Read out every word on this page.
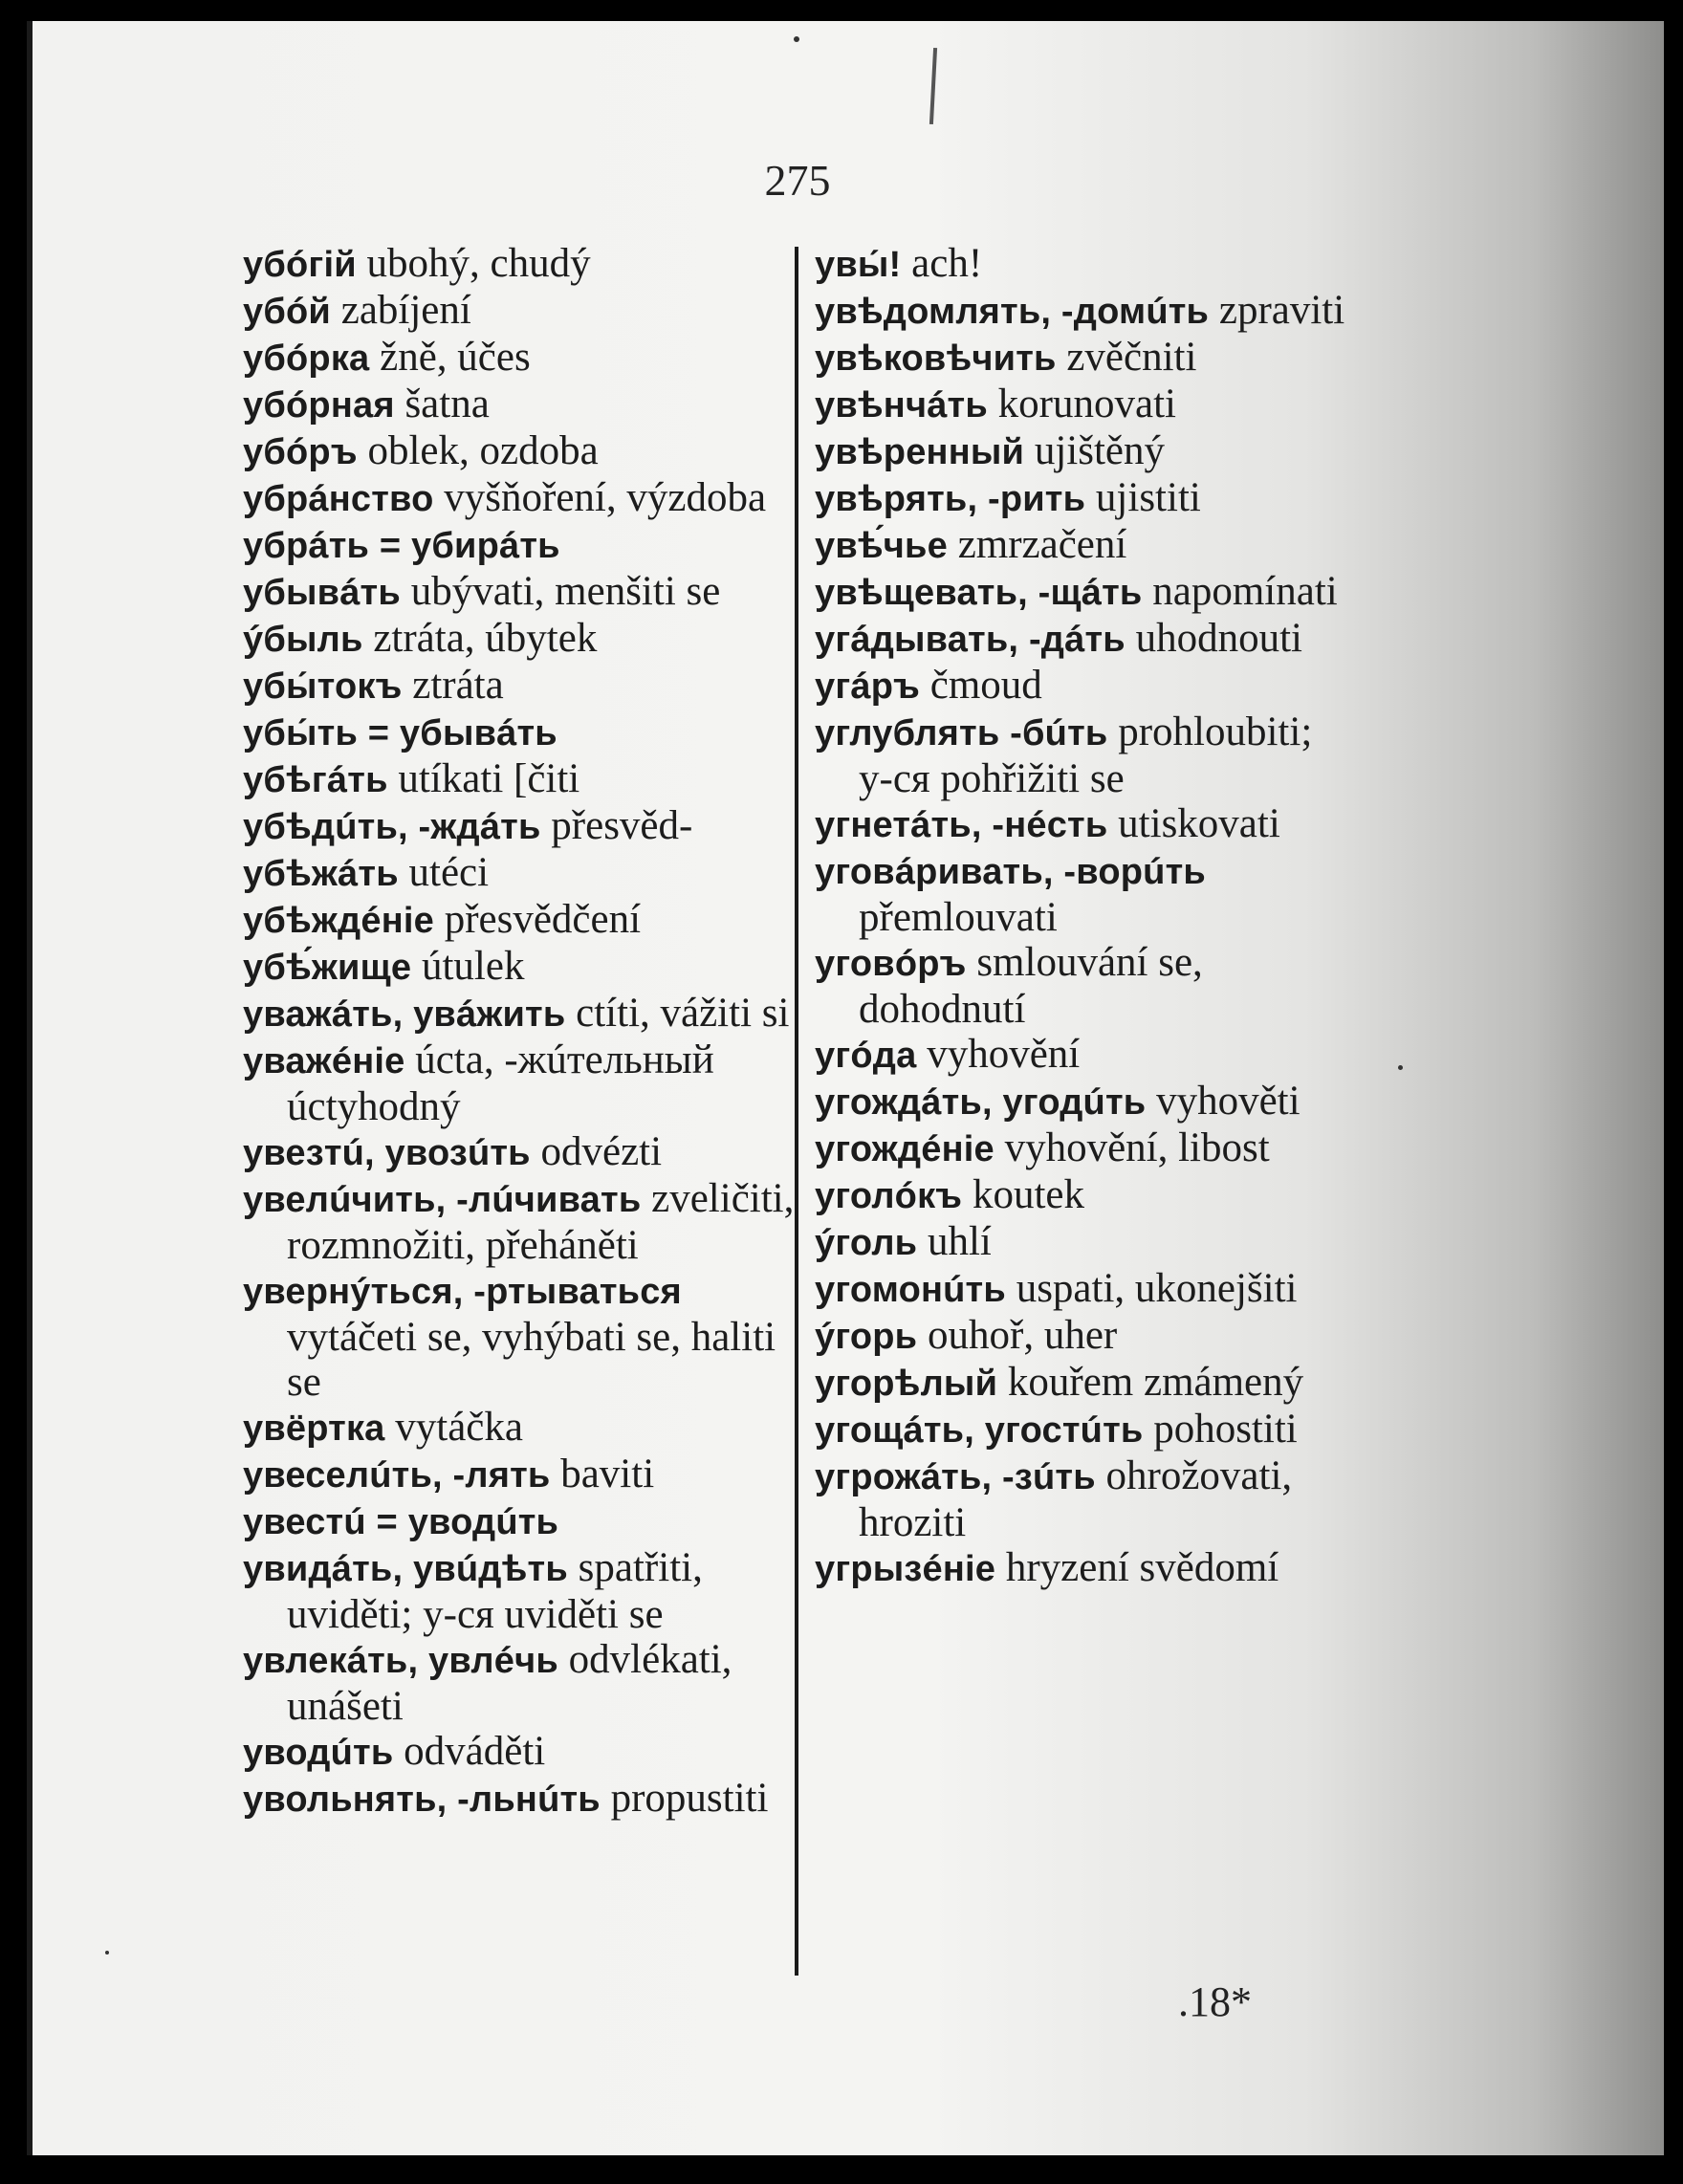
275

убóгiй ubohý, chudý

убóй zabíjení

убóрка žně, účes

убóрная šatna

убóръ oblek, ozdoba

убрáнство vyšňoření, výzdoba

убрáть = убирáть

убывáть ubývati, menšiti se

ýбыль ztráta, úbytek

убы́токъ ztráta

убы́ть = убывáть

убѣгáть utíkati [čiti

убѣдúть, -ждáть přesvěd-

убѣжáть utéci

убѣждéнiе přesvědčení

убѣ́жище útulek

уважáть, увáжить ctíti, vážiti si

уважéнiе úcta, -жúтельный úctyhodný

увезтú, увозúть odvézti

увелúчить, -лúчивать zveličiti, rozmnožiti, přeháněti

увернýться, -ртываться vytáčeti se, vyhýbati se, haliti se

увёртка vytáčka

увеселúть, -лять baviti

увестú = уводúть

увидáть, увúдѣть spatřiti, uviděti; у-ся uviděti se

увлекáть, увлéчь odvlékati, unášeti

уводúть odváděti

увольнять, -льнúть propustiti

увы́! ach!

увѣдомлять, -домúть zpraviti

увѣковѣчить zvěčniti

увѣнчáть korunovati

увѣренный ujištěný

увѣрять, -рить ujistiti

увѣ́чье zmrzačení

увѣщевать, -щáть napomínati

угáдывать, -дáть uhodnouti

угáръ čmoud

углублять -бúть prohloubiti; у-ся pohřižiti se

угнетáть, -нéсть utiskovati

уговáривать, -ворúть přemlouvati

уговóръ smlouvání se, dohodnutí

угóда vyhovění

угождáть, угодúть vyhověti

угождéнiе vyhovění, libost

уголóкъ koutek

ýголь uhlí

угомонúть uspati, ukonejšiti

ýгорь ouhoř, uher

угорѣлый kouřem zmámený

угощáть, угостúть pohostiti

угрожáть, -зúть ohrožovati, hroziti

угрызéнiе hryzení svědomí

.18*
